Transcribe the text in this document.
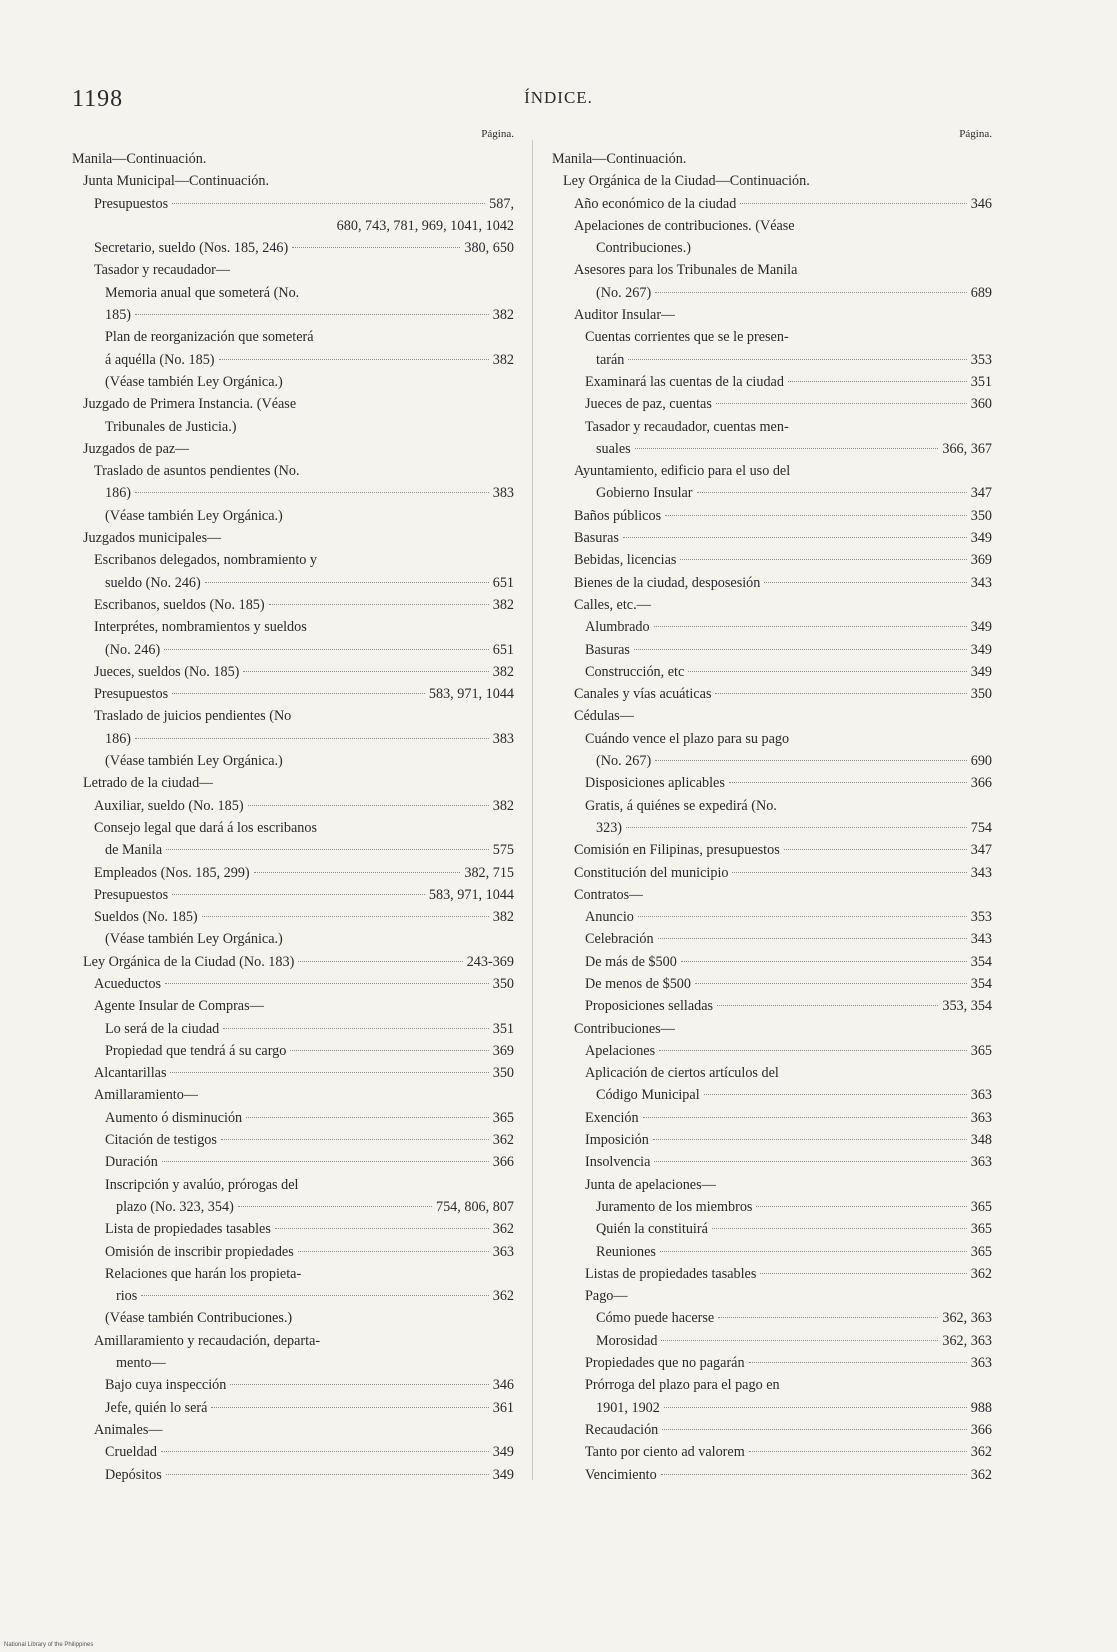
1198	ÍNDICE.
Página.
Manila—Continuación.
Junta Municipal—Continuación.
Presupuestos	587,
680, 743, 781, 969, 1041, 1042
Secretario, sueldo (Nos. 185, 246)	380, 650
Tasador y recaudador—
Memoria anual que someterá (No.
185)	382
Plan de reorganización que someterá
á aquélla (No. 185)	382
(Véase también Ley Orgánica.)
Juzgado de Primera Instancia. (Véase
Tribunales de Justicia.)
Juzgados de paz—
Traslado de asuntos pendientes (No.
186)	383
(Véase también Ley Orgánica.)
Juzgados municipales—
Escribanos delegados, nombramiento y
sueldo (No. 246)	651
Escribanos, sueldos (No. 185)	382
Interprétes, nombramientos y sueldos
(No. 246)	651
Jueces, sueldos (No. 185)	382
Presupuestos	583, 971, 1044
Traslado de juicios pendientes (No
186)	383
(Véase también Ley Orgánica.)
Letrado de la ciudad—
Auxiliar, sueldo (No. 185)	382
Consejo legal que dará á los escribanos
de Manila	575
Empleados (Nos. 185, 299)	382, 715
Presupuestos	583, 971, 1044
Sueldos (No. 185)	382
(Véase también Ley Orgánica.)
Ley Orgánica de la Ciudad (No. 183)	243-369
Acueductos	350
Agente Insular de Compras—
Lo será de la ciudad	351
Propiedad que tendrá á su cargo	369
Alcantarillas	350
Amillaramiento—
Aumento ó disminución	365
Citación de testigos	362
Duración	366
Inscripción y avalúo, prórogas del
plazo (No. 323, 354)	754, 806, 807
Lista de propiedades tasables	362
Omisión de inscribir propiedades	363
Relaciones que harán los propieta-
rios	362
(Véase también Contribuciones.)
Amillaramiento y recaudación, departa-
mento—
Bajo cuya inspección	346
Jefe, quién lo será	361
Animales—
Crueldad	349
Depósitos	349
Página.
Manila—Continuación.
Ley Orgánica de la Ciudad—Continuación.
Año económico de la ciudad	346
Apelaciones de contribuciones. (Véase
Contribuciones.)
Asesores para los Tribunales de Manila
(No. 267)	689
Auditor Insular—
Cuentas corrientes que se le presen-
tarán	353
Examinará las cuentas de la ciudad	351
Jueces de paz, cuentas	360
Tasador y recaudador, cuentas men-
suales	366, 367
Ayuntamiento, edificio para el uso del
Gobierno Insular	347
Baños públicos	350
Basuras	349
Bebidas, licencias	369
Bienes de la ciudad, desposesión	343
Calles, etc.—
Alumbrado	349
Basuras	349
Construcción, etc	349
Canales y vías acuáticas	350
Cédulas—
Cuándo vence el plazo para su pago
(No. 267)	690
Disposiciones aplicables	366
Gratis, á quiénes se expedirá (No.
323)	754
Comisión en Filipinas, presupuestos	347
Constitución del municipio	343
Contratos—
Anuncio	353
Celebración	343
De más de $500	354
De menos de $500	354
Proposiciones selladas	353, 354
Contribuciones—
Apelaciones	365
Aplicación de ciertos artículos del
Código Municipal	363
Exención	363
Imposición	348
Insolvencia	363
Junta de apelaciones—
Juramento de los miembros	365
Quién la constituirá	365
Reuniones	365
Listas de propiedades tasables	362
Pago—
Cómo puede hacerse	362, 363
Morosidad	362, 363
Propiedades que no pagarán	363
Prórroga del plazo para el pago en
1901, 1902	988
Recaudación	366
Tanto por ciento ad valorem	362
Vencimiento	362
National Library of the Philippines
